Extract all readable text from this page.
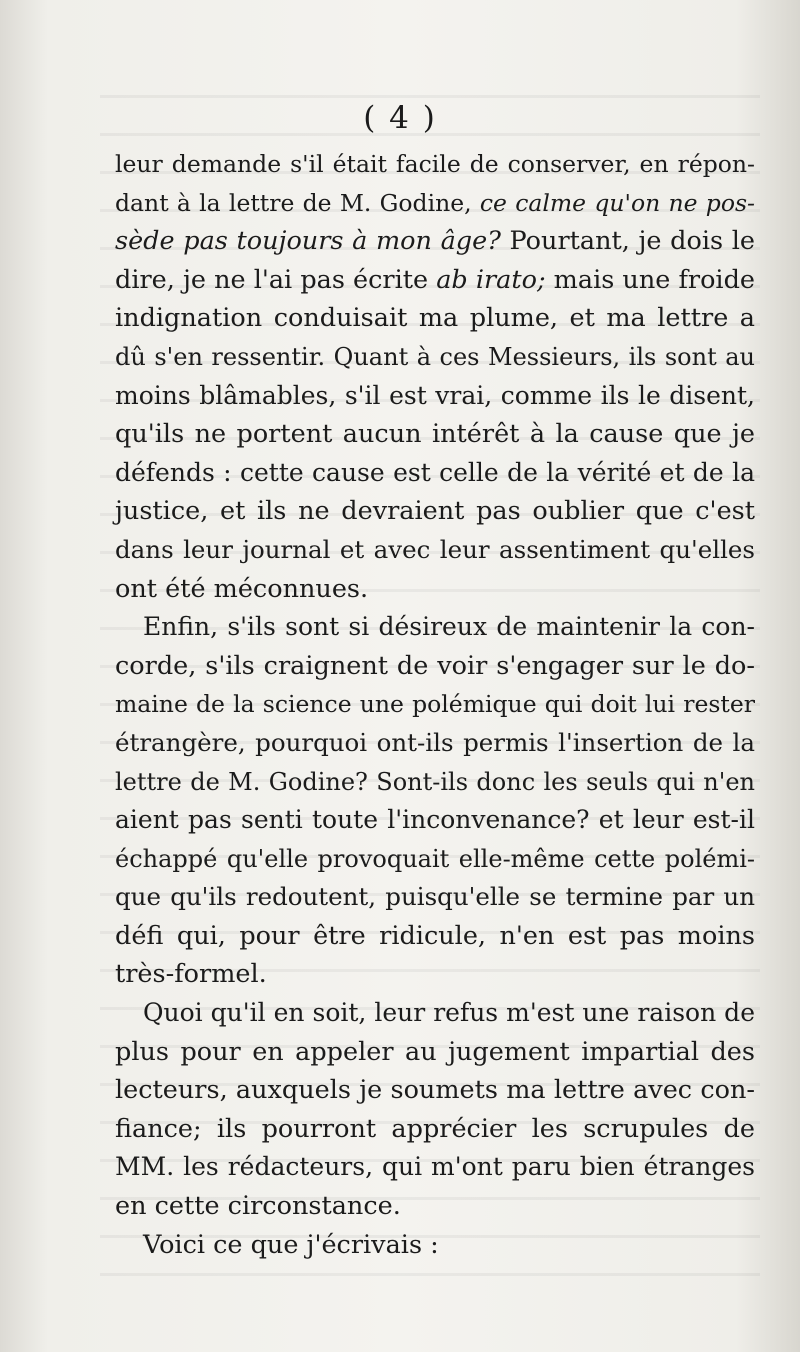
( 4 )
leur demande s'il était facile de conserver, en répon-
dant à la lettre de M. Godine, ce calme qu'on ne pos-
sède pas toujours à mon âge? Pourtant, je dois le
dire, je ne l'ai pas écrite ab irato; mais une froide
indignation conduisait ma plume, et ma lettre a
dû s'en ressentir. Quant à ces Messieurs, ils sont au
moins blâmables, s'il est vrai, comme ils le disent,
qu'ils ne portent aucun intérêt à la cause que je
défends : cette cause est celle de la vérité et de la
justice, et ils ne devraient pas oublier que c'est
dans leur journal et avec leur assentiment qu'elles
ont été méconnues.
Enfin, s'ils sont si désireux de maintenir la con-
corde, s'ils craignent de voir s'engager sur le do-
maine de la science une polémique qui doit lui rester
étrangère, pourquoi ont-ils permis l'insertion de la
lettre de M. Godine? Sont-ils donc les seuls qui n'en
aient pas senti toute l'inconvenance? et leur est-il
échappé qu'elle provoquait elle-même cette polémi-
que qu'ils redoutent, puisqu'elle se termine par un
défi qui, pour être ridicule, n'en est pas moins
très-formel.
Quoi qu'il en soit, leur refus m'est une raison de
plus pour en appeler au jugement impartial des
lecteurs, auxquels je soumets ma lettre avec con-
fiance; ils pourront apprécier les scrupules de
MM. les rédacteurs, qui m'ont paru bien étranges
en cette circonstance.
Voici ce que j'écrivais :
